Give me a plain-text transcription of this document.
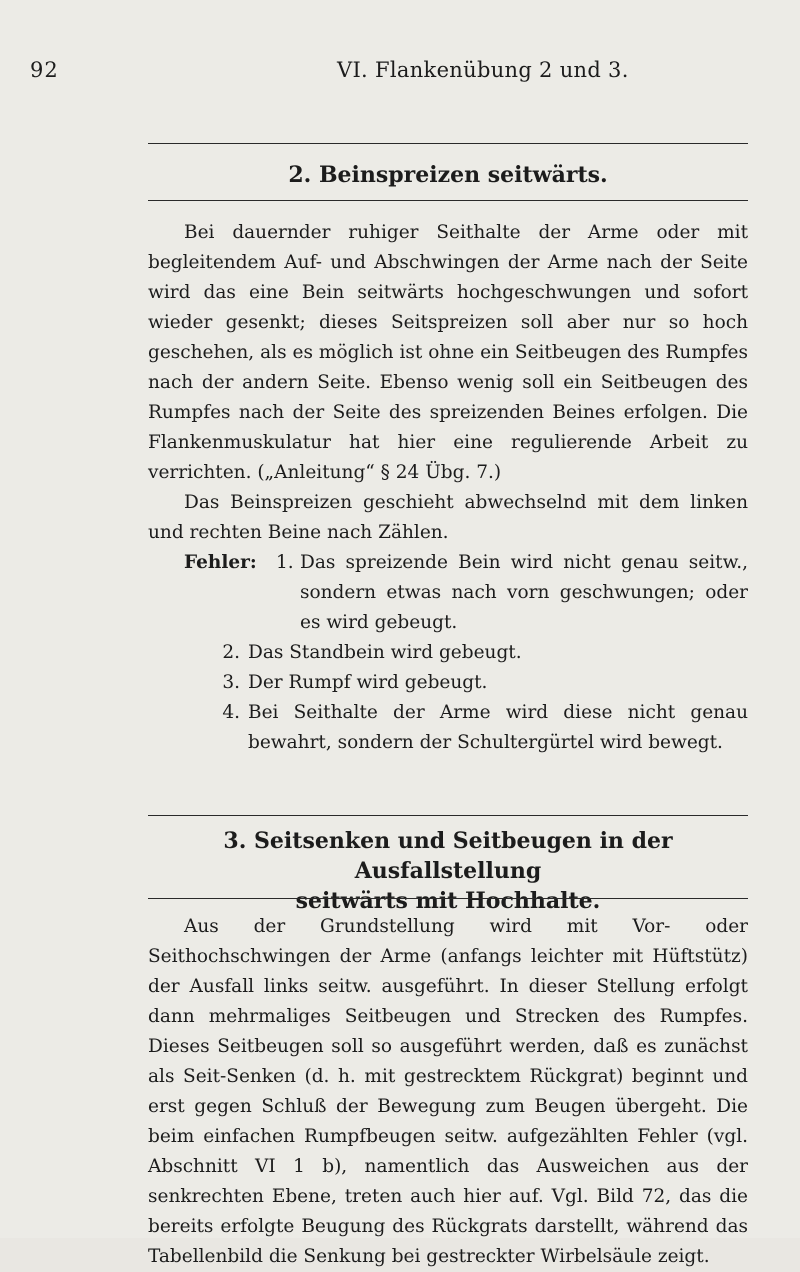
92	VI. Flankenübung 2 und 3.
2. Beinspreizen seitwärts.

Bei dauernder ruhiger Seithalte der Arme oder mit begleitendem Auf- und Abschwingen der Arme nach der Seite wird das eine Bein seitwärts hochgeschwungen und sofort wieder gesenkt; dieses Seitspreizen soll aber nur so hoch geschehen, als es möglich ist ohne ein Seitbeugen des Rumpfes nach der andern Seite. Ebenso wenig soll ein Seitbeugen des Rumpfes nach der Seite des spreizenden Beines erfolgen. Die Flankenmuskulatur hat hier eine regulierende Arbeit zu verrichten. („Anleitung“ § 24 Übg. 7.)

Das Beinspreizen geschieht abwechselnd mit dem linken und rechten Beine nach Zählen.

Fehler:	1. Das spreizende Bein wird nicht genau seitw., sondern etwas nach vorn geschwungen; oder es wird gebeugt.
2. Das Standbein wird gebeugt.
3. Der Rumpf wird gebeugt.
4. Bei Seithalte der Arme wird diese nicht genau bewahrt, sondern der Schultergürtel wird bewegt.
3. Seitsenken und Seitbeugen in der Ausfallstellung
seitwärts mit Hochhalte.

Aus der Grundstellung wird mit Vor- oder Seithochschwingen der Arme (anfangs leichter mit Hüftstütz) der Ausfall links seitw. ausgeführt. In dieser Stellung erfolgt dann mehrmaliges Seitbeugen und Strecken des Rumpfes. Dieses Seitbeugen soll so ausgeführt werden, daß es zunächst als Seit-Senken (d. h. mit gestrecktem Rückgrat) beginnt und erst gegen Schluß der Bewegung zum Beugen übergeht. Die beim einfachen Rumpfbeugen seitw. aufgezählten Fehler (vgl. Abschnitt VI 1 b), namentlich das Ausweichen aus der senkrechten Ebene, treten auch hier auf. Vgl. Bild 72, das die bereits erfolgte Beugung des Rückgrats darstellt, während das Tabellenbild die Senkung bei gestreckter Wirbelsäule zeigt.
